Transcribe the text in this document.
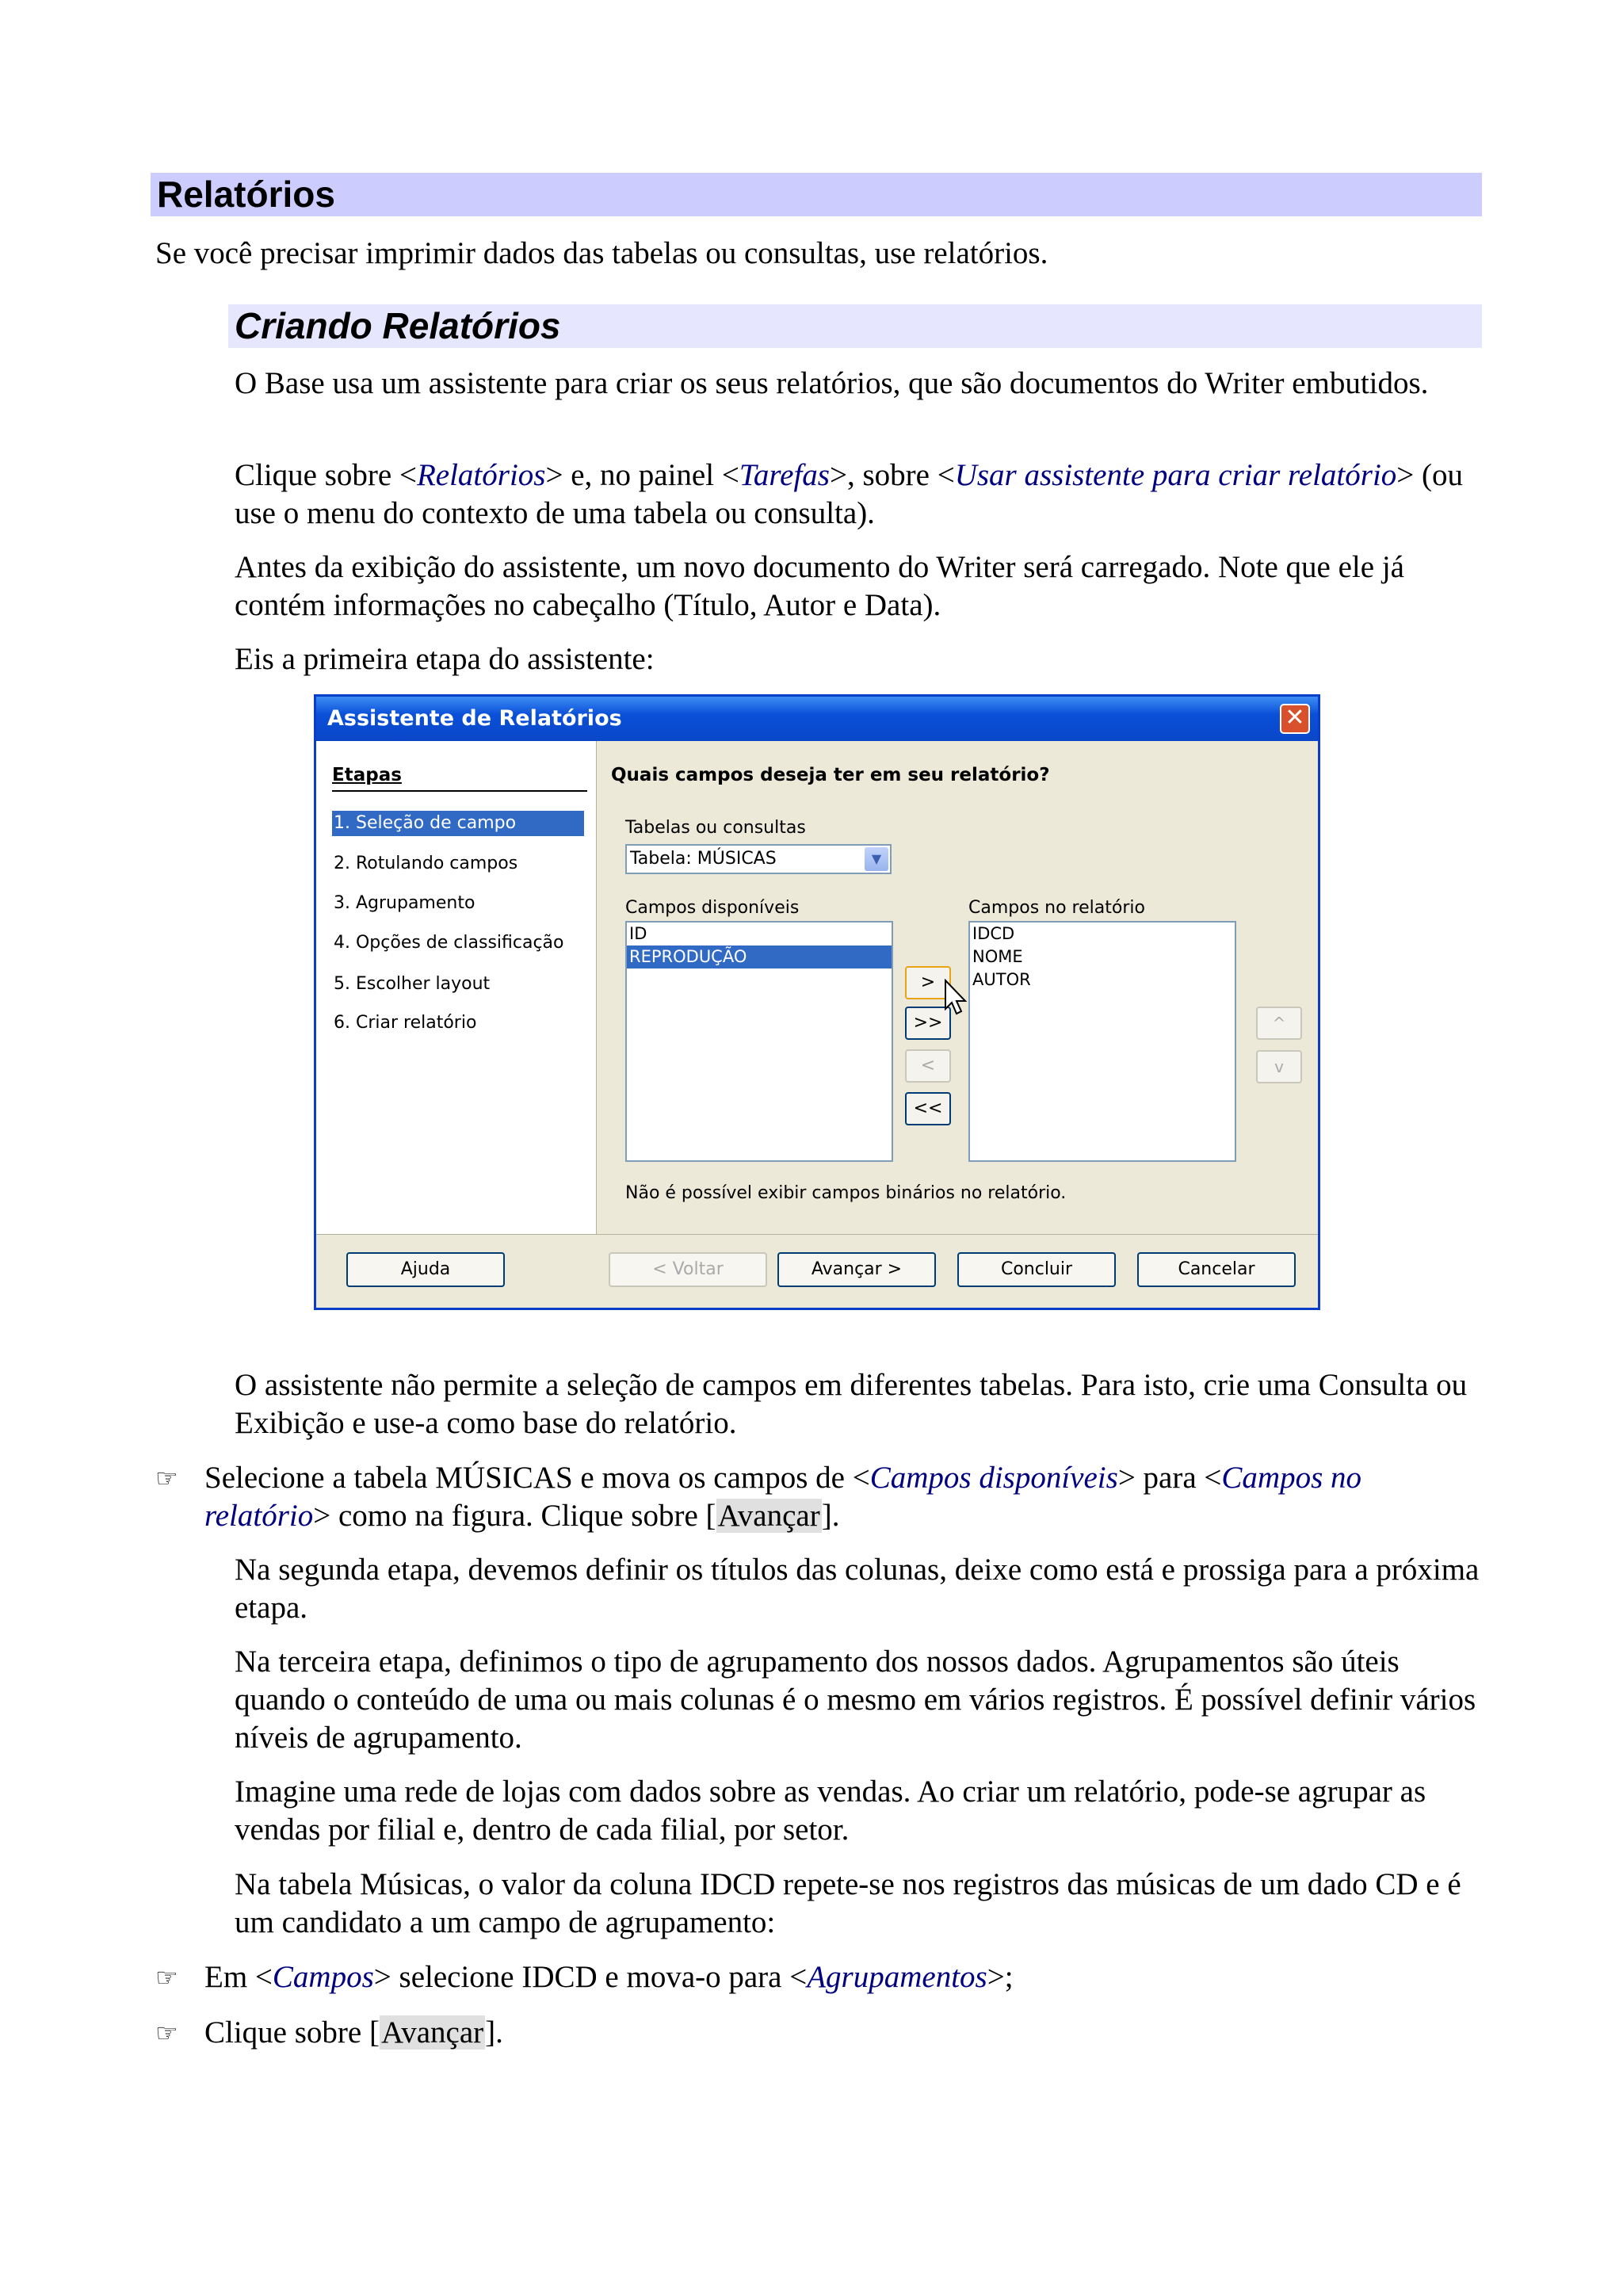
Relatórios
Se você precisar imprimir dados das tabelas ou consultas, use relatórios.
Criando Relatórios
O Base usa um assistente para criar os seus relatórios, que são documentos do Writer embutidos.
Clique sobre <Relatórios> e, no painel <Tarefas>, sobre <Usar assistente para criar relatório> (ou use o menu do contexto de uma tabela ou consulta).
Antes da exibição do assistente, um novo documento do Writer será carregado. Note que ele já contém informações no cabeçalho (Título, Autor e Data).
Eis a primeira etapa do assistente:
Assistente de Relatórios	✕
Etapas
1. Seleção de campo
2. Rotulando campos
3. Agrupamento
4. Opções de classificação
5. Escolher layout
6. Criar relatório
Quais campos deseja ter em seu relatório?
Tabelas ou consultas
Tabela: MÚSICAS	▼
Campos disponíveis
ID
REPRODUÇÃO
Campos no relatório
IDCD
NOME
AUTOR
>
>>
<
<<
^
v
Não é possível exibir campos binários no relatório.
Ajuda	< Voltar	Avançar >	Concluir	Cancelar
O assistente não permite a seleção de campos em diferentes tabelas. Para isto, crie uma Consulta ou Exibição e use-a como base do relatório.
☞ Selecione a tabela MÚSICAS e mova os campos de <Campos disponíveis> para <Campos no relatório> como na figura. Clique sobre [Avançar].
Na segunda etapa, devemos definir os títulos das colunas, deixe como está e prossiga para a próxima etapa.
Na terceira etapa, definimos o tipo de agrupamento dos nossos dados. Agrupamentos são úteis quando o conteúdo de uma ou mais colunas é o mesmo em vários registros. É possível definir vários níveis de agrupamento.
Imagine uma rede de lojas com dados sobre as vendas. Ao criar um relatório, pode-se agrupar as vendas por filial e, dentro de cada filial, por setor.
Na tabela Músicas, o valor da coluna IDCD repete-se nos registros das músicas de um dado CD e é um candidato a um campo de agrupamento:
☞ Em <Campos> selecione IDCD e mova-o para <Agrupamentos>;
☞ Clique sobre [Avançar].
